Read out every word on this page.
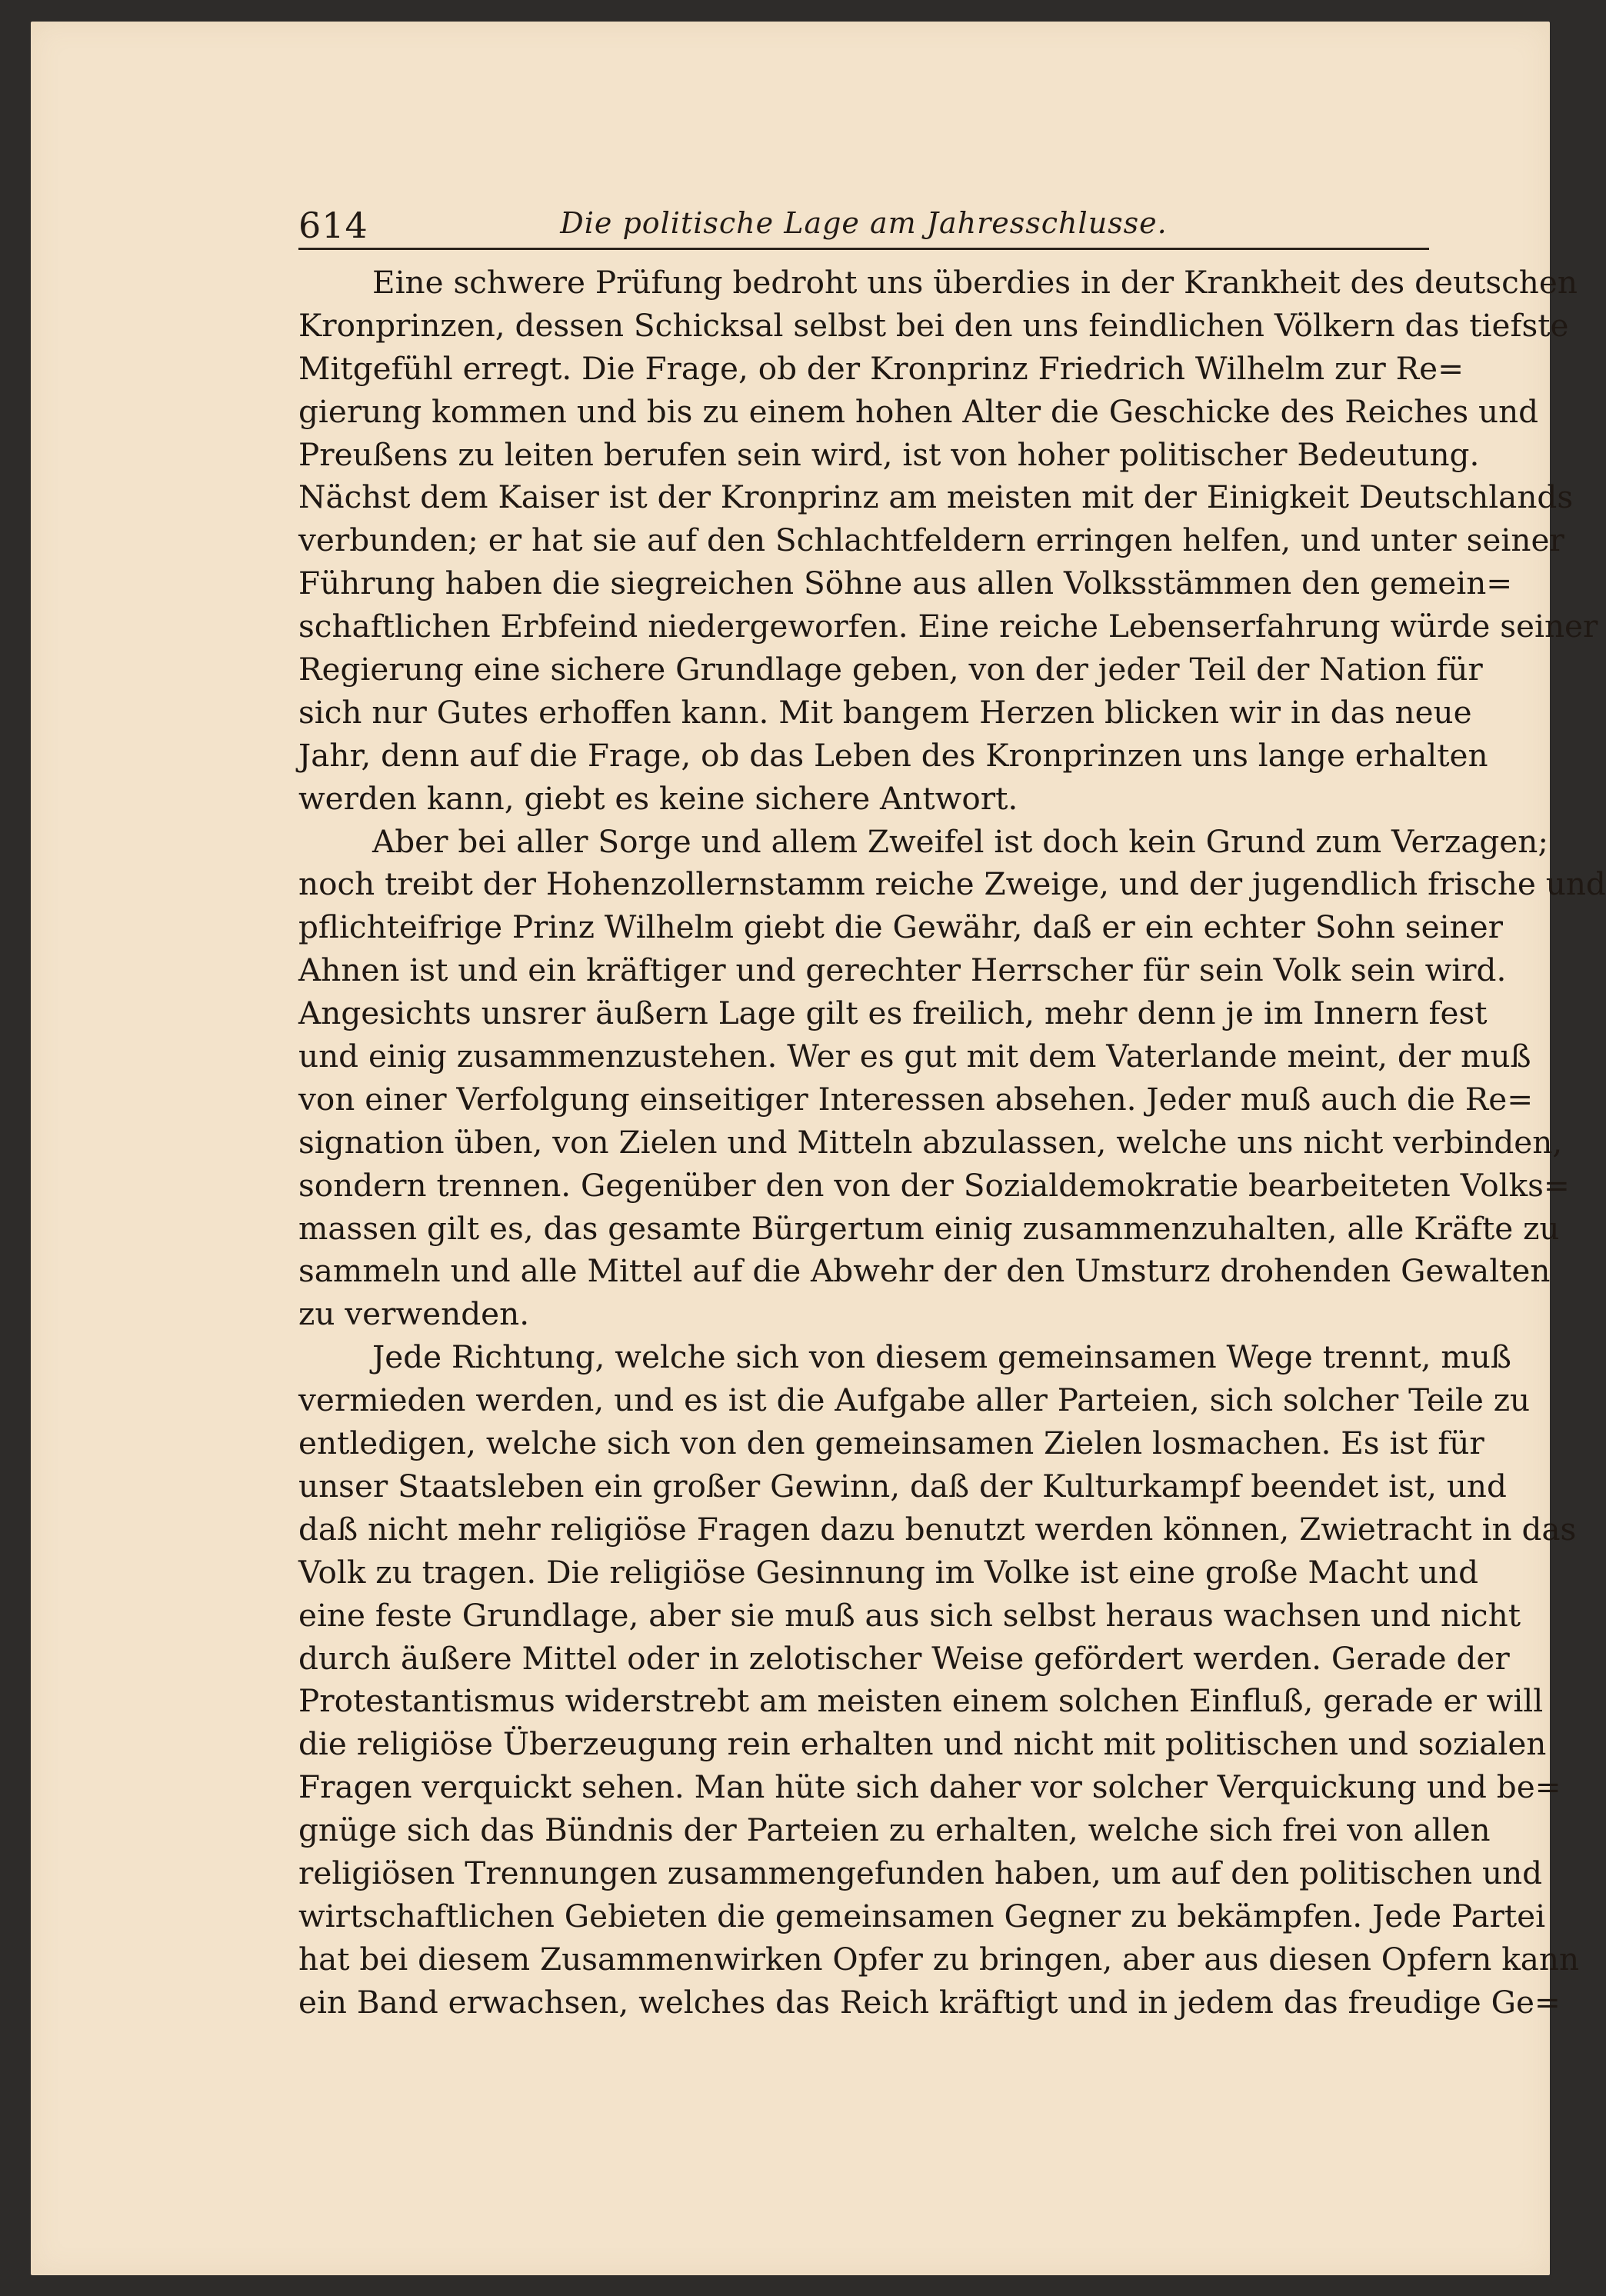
614	Die politische Lage am Jahresschlusse.
Eine schwere Prüfung bedroht uns überdies in der Krankheit des deutschen
Kronprinzen, dessen Schicksal selbst bei den uns feindlichen Völkern das tiefste
Mitgefühl erregt. Die Frage, ob der Kronprinz Friedrich Wilhelm zur Re=
gierung kommen und bis zu einem hohen Alter die Geschicke des Reiches und
Preußens zu leiten berufen sein wird, ist von hoher politischer Bedeutung.
Nächst dem Kaiser ist der Kronprinz am meisten mit der Einigkeit Deutschlands
verbunden; er hat sie auf den Schlachtfeldern erringen helfen, und unter seiner
Führung haben die siegreichen Söhne aus allen Volksstämmen den gemein=
schaftlichen Erbfeind niedergeworfen. Eine reiche Lebenserfahrung würde seiner
Regierung eine sichere Grundlage geben, von der jeder Teil der Nation für
sich nur Gutes erhoffen kann. Mit bangem Herzen blicken wir in das neue
Jahr, denn auf die Frage, ob das Leben des Kronprinzen uns lange erhalten
werden kann, giebt es keine sichere Antwort.
Aber bei aller Sorge und allem Zweifel ist doch kein Grund zum Verzagen;
noch treibt der Hohenzollernstamm reiche Zweige, und der jugendlich frische und
pflichteifrige Prinz Wilhelm giebt die Gewähr, daß er ein echter Sohn seiner
Ahnen ist und ein kräftiger und gerechter Herrscher für sein Volk sein wird.
Angesichts unsrer äußern Lage gilt es freilich, mehr denn je im Innern fest
und einig zusammenzustehen. Wer es gut mit dem Vaterlande meint, der muß
von einer Verfolgung einseitiger Interessen absehen. Jeder muß auch die Re=
signation üben, von Zielen und Mitteln abzulassen, welche uns nicht verbinden,
sondern trennen. Gegenüber den von der Sozialdemokratie bearbeiteten Volks=
massen gilt es, das gesamte Bürgertum einig zusammenzuhalten, alle Kräfte zu
sammeln und alle Mittel auf die Abwehr der den Umsturz drohenden Gewalten
zu verwenden.
Jede Richtung, welche sich von diesem gemeinsamen Wege trennt, muß
vermieden werden, und es ist die Aufgabe aller Parteien, sich solcher Teile zu
entledigen, welche sich von den gemeinsamen Zielen losmachen. Es ist für
unser Staatsleben ein großer Gewinn, daß der Kulturkampf beendet ist, und
daß nicht mehr religiöse Fragen dazu benutzt werden können, Zwietracht in das
Volk zu tragen. Die religiöse Gesinnung im Volke ist eine große Macht und
eine feste Grundlage, aber sie muß aus sich selbst heraus wachsen und nicht
durch äußere Mittel oder in zelotischer Weise gefördert werden. Gerade der
Protestantismus widerstrebt am meisten einem solchen Einfluß, gerade er will
die religiöse Überzeugung rein erhalten und nicht mit politischen und sozialen
Fragen verquickt sehen. Man hüte sich daher vor solcher Verquickung und be=
gnüge sich das Bündnis der Parteien zu erhalten, welche sich frei von allen
religiösen Trennungen zusammengefunden haben, um auf den politischen und
wirtschaftlichen Gebieten die gemeinsamen Gegner zu bekämpfen. Jede Partei
hat bei diesem Zusammenwirken Opfer zu bringen, aber aus diesen Opfern kann
ein Band erwachsen, welches das Reich kräftigt und in jedem das freudige Ge=
